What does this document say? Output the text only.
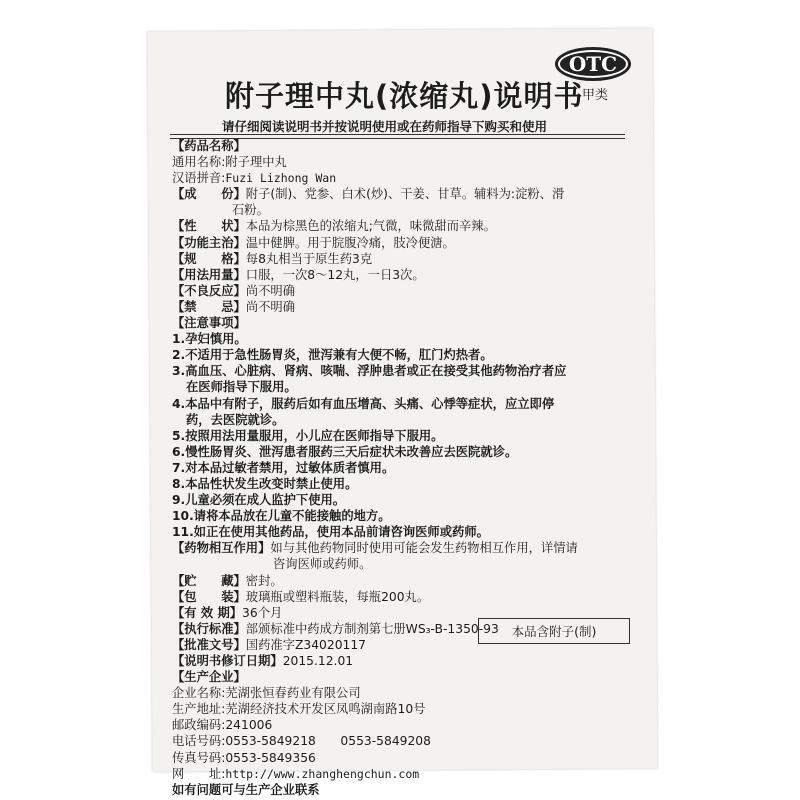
OTC
甲类
附子理中丸(浓缩丸)说明书
请仔细阅读说明书并按说明使用或在药师指导下购买和使用
【药品名称】
通用名称:附子理中丸
汉语拼音:Fuzi Lizhong Wan
【成　　份】附子(制)、党参、白术(炒)、干姜、甘草。辅料为:淀粉、滑
石粉。
【性　　状】本品为棕黑色的浓缩丸;气微，味微甜而辛辣。
【功能主治】温中健脾。用于脘腹冷痛，肢冷便溏。
【规　　格】每8丸相当于原生药3克
【用法用量】口服，一次8～12丸，一日3次。
【不良反应】尚不明确
【禁　　忌】尚不明确
【注意事项】
1.孕妇慎用。
2.不适用于急性肠胃炎，泄泻兼有大便不畅，肛门灼热者。
3.高血压、心脏病、肾病、咳喘、浮肿患者或正在接受其他药物治疗者应
在医师指导下服用。
4.本品中有附子，服药后如有血压增高、头痛、心悸等症状，应立即停
药，去医院就诊。
5.按照用法用量服用，小儿应在医师指导下服用。
6.慢性肠胃炎、泄泻患者服药三天后症状未改善应去医院就诊。
7.对本品过敏者禁用，过敏体质者慎用。
8.本品性状发生改变时禁止使用。
9.儿童必须在成人监护下使用。
10.请将本品放在儿童不能接触的地方。
11.如正在使用其他药品，使用本品前请咨询医师或药师。
【药物相互作用】如与其他药物同时使用可能会发生药物相互作用，详情请
咨询医师或药师。
【贮　　藏】密封。
【包　　装】玻璃瓶或塑料瓶装，每瓶200丸。
【有 效 期】36个月
【执行标准】部颁标准中药成方制剂第七册WS₃-B-1350-93
【批准文号】国药准字Z34020117
【说明书修订日期】2015.12.01
【生产企业】
企业名称:芜湖张恒春药业有限公司
生产地址:芜湖经济技术开发区凤鸣湖南路10号
邮政编码:241006
电话号码:0553-5849218　　0553-5849208
传真号码:0553-5849356
网　　址:http://www.zhanghengchun.com
如有问题可与生产企业联系
本品含附子(制)
